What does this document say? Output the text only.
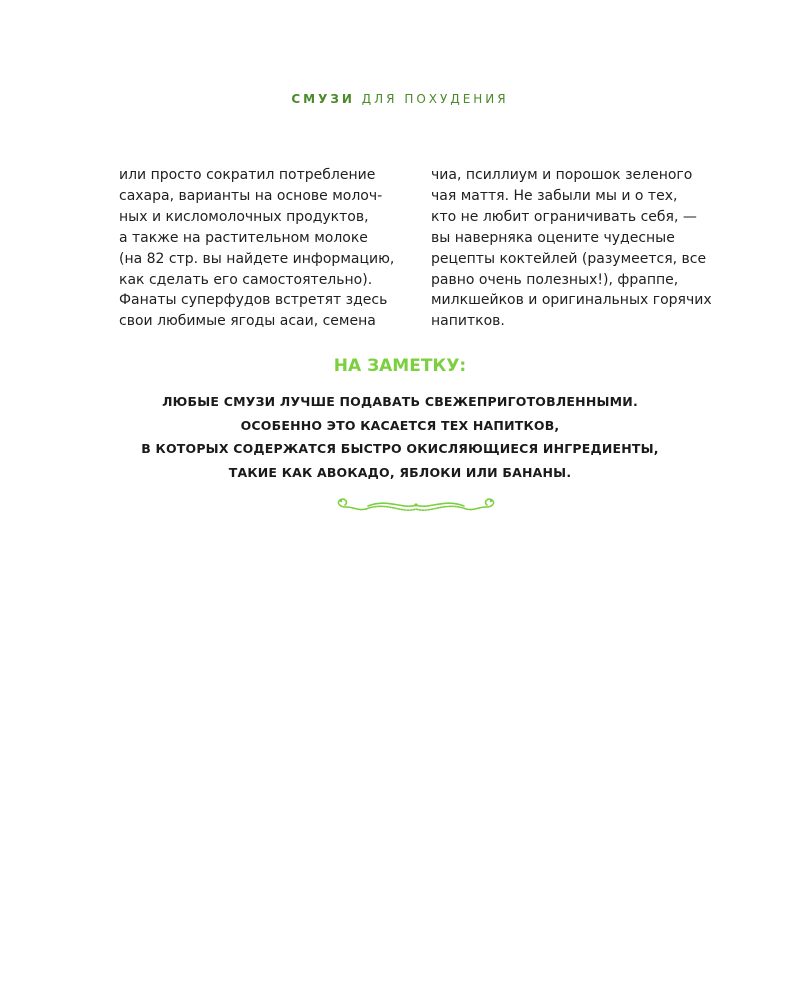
СМУЗИ ДЛЯ ПОХУДЕНИЯ
или просто сократил потребление
сахара, варианты на основе молоч-
ных и кисломолочных продуктов,
а также на растительном молоке
(на 82 стр. вы найдете информацию,
как сделать его самостоятельно).
Фанаты суперфудов встретят здесь
свои любимые ягоды асаи, семена
чиа, псиллиум и порошок зеленого
чая маття. Не забыли мы и о тех,
кто не любит ограничивать себя, —
вы наверняка оцените чудесные
рецепты коктейлей (разумеется, все
равно очень полезных!), фраппе,
милкшейков и оригинальных горячих
напитков.
НА ЗАМЕТКУ:
ЛЮБЫЕ СМУЗИ ЛУЧШЕ ПОДАВАТЬ СВЕЖЕПРИГОТОВЛЕННЫМИ.
ОСОБЕННО ЭТО КАСАЕТСЯ ТЕХ НАПИТКОВ,
В КОТОРЫХ СОДЕРЖАТСЯ БЫСТРО ОКИСЛЯЮЩИЕСЯ ИНГРЕДИЕНТЫ,
ТАКИЕ КАК АВОКАДО, ЯБЛОКИ ИЛИ БАНАНЫ.
